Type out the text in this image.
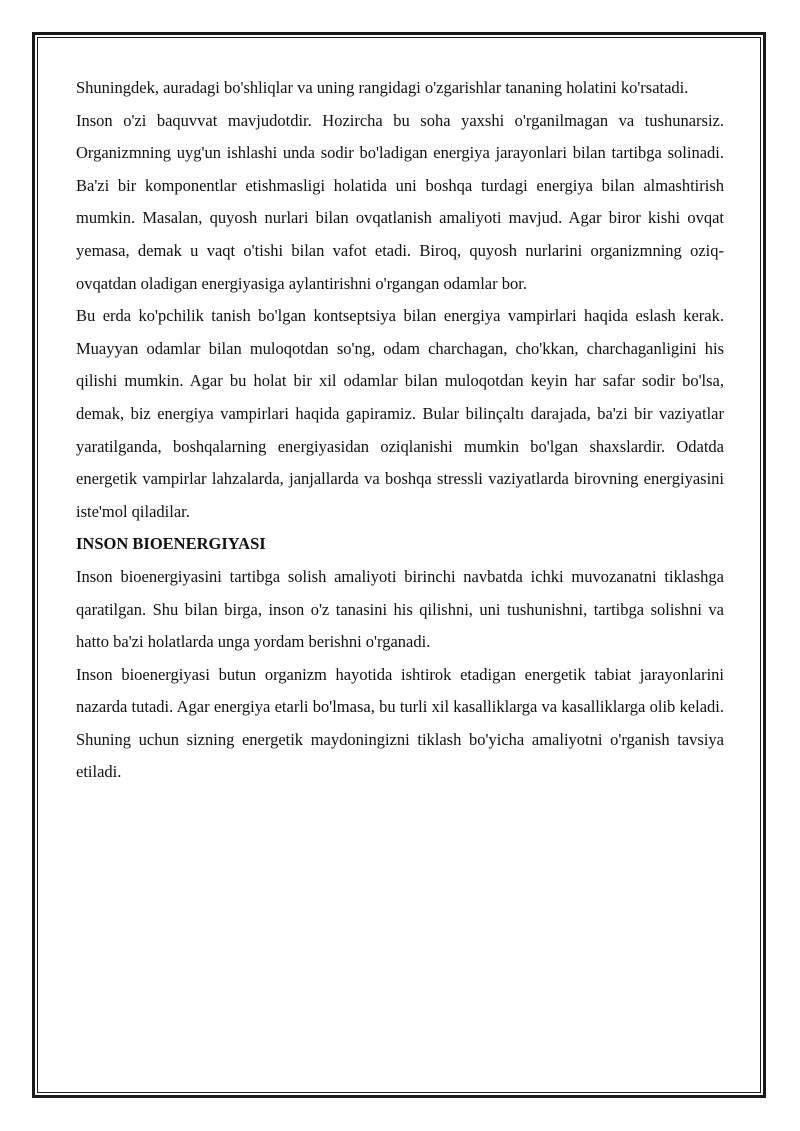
Shuningdek, auradagi bo'shliqlar va uning rangidagi o'zgarishlar tananing holatini ko'rsatadi.

Inson o'zi baquvvat mavjudotdir. Hozircha bu soha yaxshi o'rganilmagan va tushunarsiz. Organizmning uyg'un ishlashi unda sodir bo'ladigan energiya jarayonlari bilan tartibga solinadi. Ba'zi bir komponentlar etishmasligi holatida uni boshqa turdagi energiya bilan almashtirish mumkin. Masalan, quyosh nurlari bilan ovqatlanish amaliyoti mavjud. Agar biror kishi ovqat yemasa, demak u vaqt o'tishi bilan vafot etadi. Biroq, quyosh nurlarini organizmning oziq-ovqatdan oladigan energiyasiga aylantirishni o'rgangan odamlar bor.

Bu erda ko'pchilik tanish bo'lgan kontseptsiya bilan energiya vampirlari haqida eslash kerak. Muayyan odamlar bilan muloqotdan so'ng, odam charchagan, cho'kkan, charchaganligini his qilishi mumkin. Agar bu holat bir xil odamlar bilan muloqotdan keyin har safar sodir bo'lsa, demak, biz energiya vampirlari haqida gapiramiz. Bular bilinçaltı darajada, ba'zi bir vaziyatlar yaratilganda, boshqalarning energiyasidan oziqlanishi mumkin bo'lgan shaxslardir. Odatda energetik vampirlar lahzalarda, janjallarda va boshqa stressli vaziyatlarda birovning energiyasini iste'mol qiladilar.

INSON BIOENERGIYASI

Inson bioenergiyasini tartibga solish amaliyoti birinchi navbatda ichki muvozanatni tiklashga qaratilgan. Shu bilan birga, inson o'z tanasini his qilishni, uni tushunishni, tartibga solishni va hatto ba'zi holatlarda unga yordam berishni o'rganadi.

Inson bioenergiyasi butun organizm hayotida ishtirok etadigan energetik tabiat jarayonlarini nazarda tutadi. Agar energiya etarli bo'lmasa, bu turli xil kasalliklarga va kasalliklarga olib keladi. Shuning uchun sizning energetik maydoningizni tiklash bo'yicha amaliyotni o'rganish tavsiya etiladi.
